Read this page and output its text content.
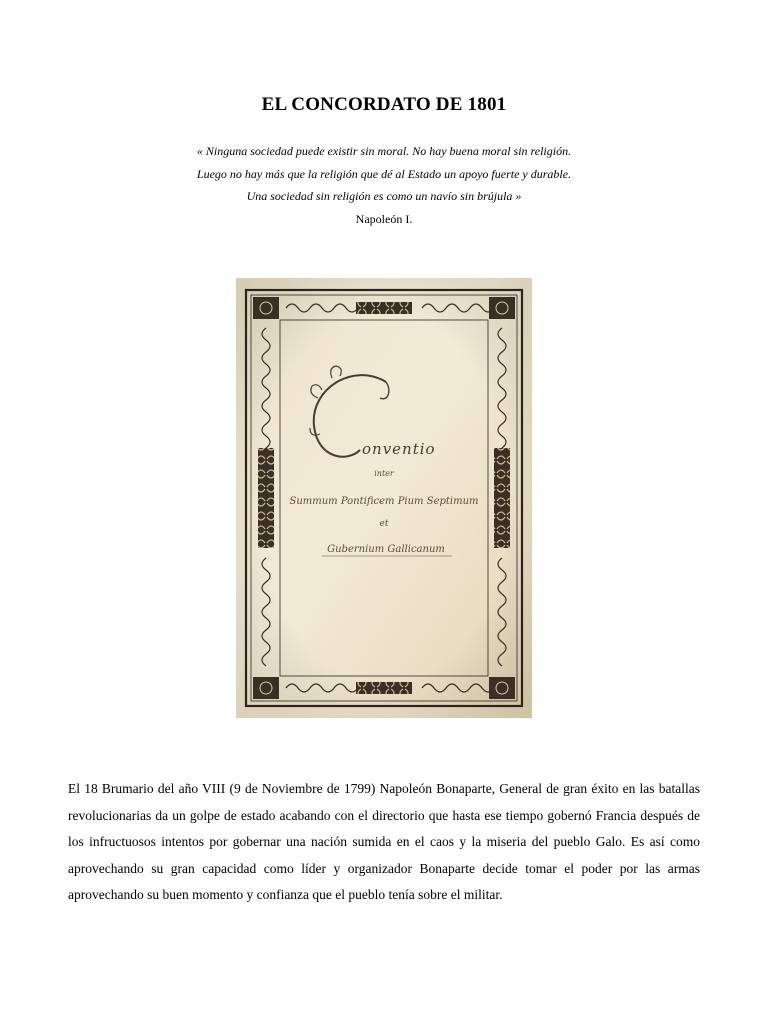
EL CONCORDATO DE 1801
« Ninguna sociedad puede existir sin moral. No hay buena moral sin religión.
Luego no hay más que la religión que dé al Estado un apoyo fuerte y durable.
Una sociedad sin religión es como un navío sin brújula »
Napoleón I.
onventio
inter
Summum Pontificem Pium Septimum
et
Gubernium Gallicanum

El 18 Brumario del año VIII (9 de Noviembre de 1799) Napoleón Bonaparte, General de gran éxito en las batallas revolucionarias da un golpe de estado acabando con el directorio que hasta ese tiempo gobernó Francia después de los infructuosos intentos por gobernar una nación sumida en el caos y la miseria del pueblo Galo. Es así como aprovechando su gran capacidad como líder y organizador Bonaparte decide tomar el poder por las armas aprovechando su buen momento y confianza que el pueblo tenía sobre el militar.
